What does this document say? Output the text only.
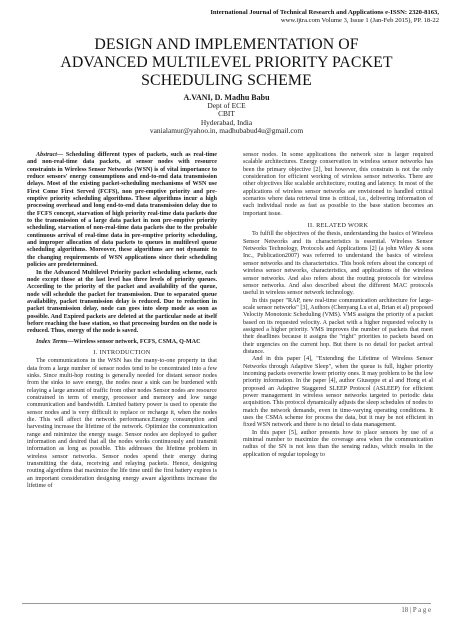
International Journal of Technical Research and Applications e-ISSN: 2320-8163,
www.ijtra.com Volume 3, Issue 1 (Jan-Feb 2015), PP. 18-22
DESIGN AND IMPLEMENTATION OF
ADVANCED MULTILEVEL PRIORITY PACKET
SCHEDULING SCHEME
A.VANI, D. Madhu Babu
Dept of ECE
CBIT
Hyderabad, India
vanialamur@yahoo.in, madhubabud4u@gmail.com

Abstract— Scheduling different types of packets, such as real-time and non-real-time data packets, at sensor nodes with resource constraints in Wireless Sensor Networks (WSN) is of vital importance to reduce sensors' energy consumptions and end-to-end data transmission delays. Most of the existing packet-scheduling mechanisms of WSN use First Come First Served (FCFS), non pre-emptive priority and pre-emptive priority scheduling algorithms. These algorithms incur a high processing overhead and long end-to-end data transmission delay due to the FCFS concept, starvation of high priority real-time data packets due to the transmission of a large data packet in non pre-emptive priority scheduling, starvation of non-real-time data packets due to the probable continuous arrival of real-time data in pre-emptive priority scheduling, and improper allocation of data packets to queues in multilevel queue scheduling algorithms. Moreover, these algorithms are not dynamic to the changing requirements of WSN applications since their scheduling policies are predetermined.

In the Advanced Multilevel Priority packet scheduling scheme, each node except those at the last level has three levels of priority queues. According to the priority of the packet and availability of the queue, node will schedule the packet for transmission. Due to separated queue availability, packet transmission delay is reduced. Due to reduction in packet transmission delay, node can goes into sleep mode as soon as possible. And Expired packets are deleted at the particular node at itself before reaching the base station, so that processing burden on the node is reduced. Thus, energy of the node is saved.

Index Terms—Wireless sensor network, FCFS, CSMA, Q-MAC

I. INTRODUCTION

The communications in the WSN has the many-to-one property in that data from a large number of sensor nodes tend to be concentrated into a few sinks. Since multi-hop routing is generally needed for distant sensor nodes from the sinks to save energy, the nodes near a sink can be burdened with relaying a large amount of traffic from other nodes Sensor nodes are resource constrained in term of energy, processor and memory and low range communication and bandwidth. Limited battery power is used to operate the sensor nodes and is very difficult to replace or recharge it, when the nodes die. This will affect the network performance.Energy consumption and harvesting increase the lifetime of the network. Optimize the communication range and minimize the energy usage. Sensor nodes are deployed to gather information and desired that all the nodes works continuously and transmit information as long as possible. This addresses the lifetime problem in wireless sensor networks. Sensor nodes spend their energy during transmitting the data, receiving and relaying packets. Hence, designing routing algorithms that maximize the life time until the first battery expires is an important consideration designing energy aware algorithms increase the lifetime of

sensor nodes. In some applications the network size is larger required scalable architectures. Energy conservation in wireless sensor networks has been the primary objective [2], but however, this constrain is not the only consideration for efficient working of wireless sensor networks. There are other objectives like scalable architecture, routing and latency. In most of the applications of wireless sensor networks are envisioned to handled critical scenarios where data retrieval time is critical, i.e., delivering information of each individual node as fast as possible to the base station becomes an important issue.

II. RELATED WORK

To fulfill the objectives of the thesis, understanding the basics of Wireless Sensor Networks and its characteristics is essential. Wireless Sensor Networks Technology, Protocols and Applications [2] (a john Wiley & sons Inc., Publication2007) was referred to understand the basics of wireless sensor networks and its characteristics. This book refers about the concept of wireless sensor networks, characteristics, and applications of the wireless sensor networks. And also refers about the routing protocols for wireless sensor networks. And also described about the different MAC protocols useful in wireless sensor network technology.

In this paper "RAP, new real-time communication architecture for large-scale sensor networks" [3], Authors (Chenyang Lu et al, Brian et al) proposed Velocity Monotonic Scheduling (VMS). VMS assigns the priority of a packet based on its requested velocity. A packet with a higher requested velocity is assigned a higher priority. VMS improves the number of packets that meet their deadlines because it assigns the "right" priorities to packets based on their urgencies on the current hop. But there is no detail for packet arrival distance.

And in this paper [4], "Extending the Lifetime of Wireless Sensor Networks through Adaptive Sleep", when the queue is full, higher priority incoming packets overwrite lower priority ones. It may problem to be the low priority information. In the paper [4], author Giuseppe et al and Hong et al proposed an Adaptive Staggered SLEEP Protocol (ASLEEP) for efficient power management in wireless sensor networks targeted to periodic data acquisition. This protocol dynamically adjusts the sleep schedules of nodes to match the network demands, even in time-varying operating conditions. It uses the CSMA scheme for process the data, but it may be not efficient in fixed WSN network and there is no detail to data management.

In this paper [5], author presents how to place sensors by use of a minimal number to maximize the coverage area when the communication radius of the SN is not less than the sensing radius, which results in the application of regular topology to

18 | P a g e
